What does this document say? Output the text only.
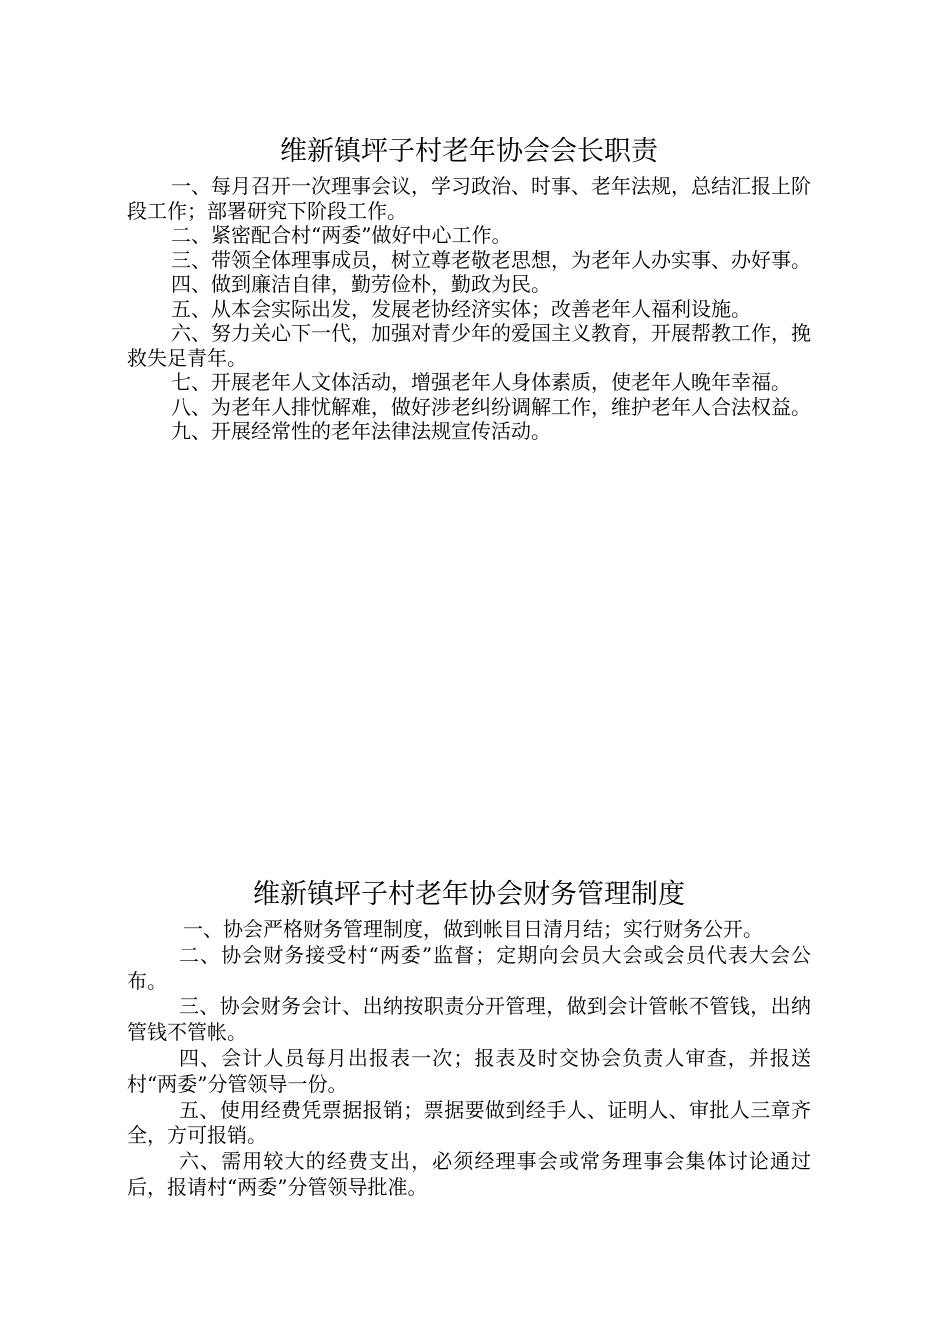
维新镇坪子村老年协会会长职责

一、每月召开一次理事会议，学习政治、时事、老年法规，总结汇报上阶段工作；部署研究下阶段工作。

二、紧密配合村“两委”做好中心工作。

三、带领全体理事成员，树立尊老敬老思想，为老年人办实事、办好事。

四、做到廉洁自律，勤劳俭朴，勤政为民。

五、从本会实际出发，发展老协经济实体；改善老年人福利设施。

六、努力关心下一代，加强对青少年的爱国主义教育，开展帮教工作，挽救失足青年。

七、开展老年人文体活动，增强老年人身体素质，使老年人晚年幸福。

八、为老年人排忧解难，做好涉老纠纷调解工作，维护老年人合法权益。

九、开展经常性的老年法律法规宣传活动。

维新镇坪子村老年协会财务管理制度

一、协会严格财务管理制度，做到帐目日清月结；实行财务公开。

二、协会财务接受村“两委”监督；定期向会员大会或会员代表大会公布。

三、协会财务会计、出纳按职责分开管理，做到会计管帐不管钱，出纳管钱不管帐。

四、会计人员每月出报表一次；报表及时交协会负责人审查，并报送村“两委”分管领导一份。

五、使用经费凭票据报销；票据要做到经手人、证明人、审批人三章齐全，方可报销。

六、需用较大的经费支出，必须经理事会或常务理事会集体讨论通过后，报请村“两委”分管领导批准。
